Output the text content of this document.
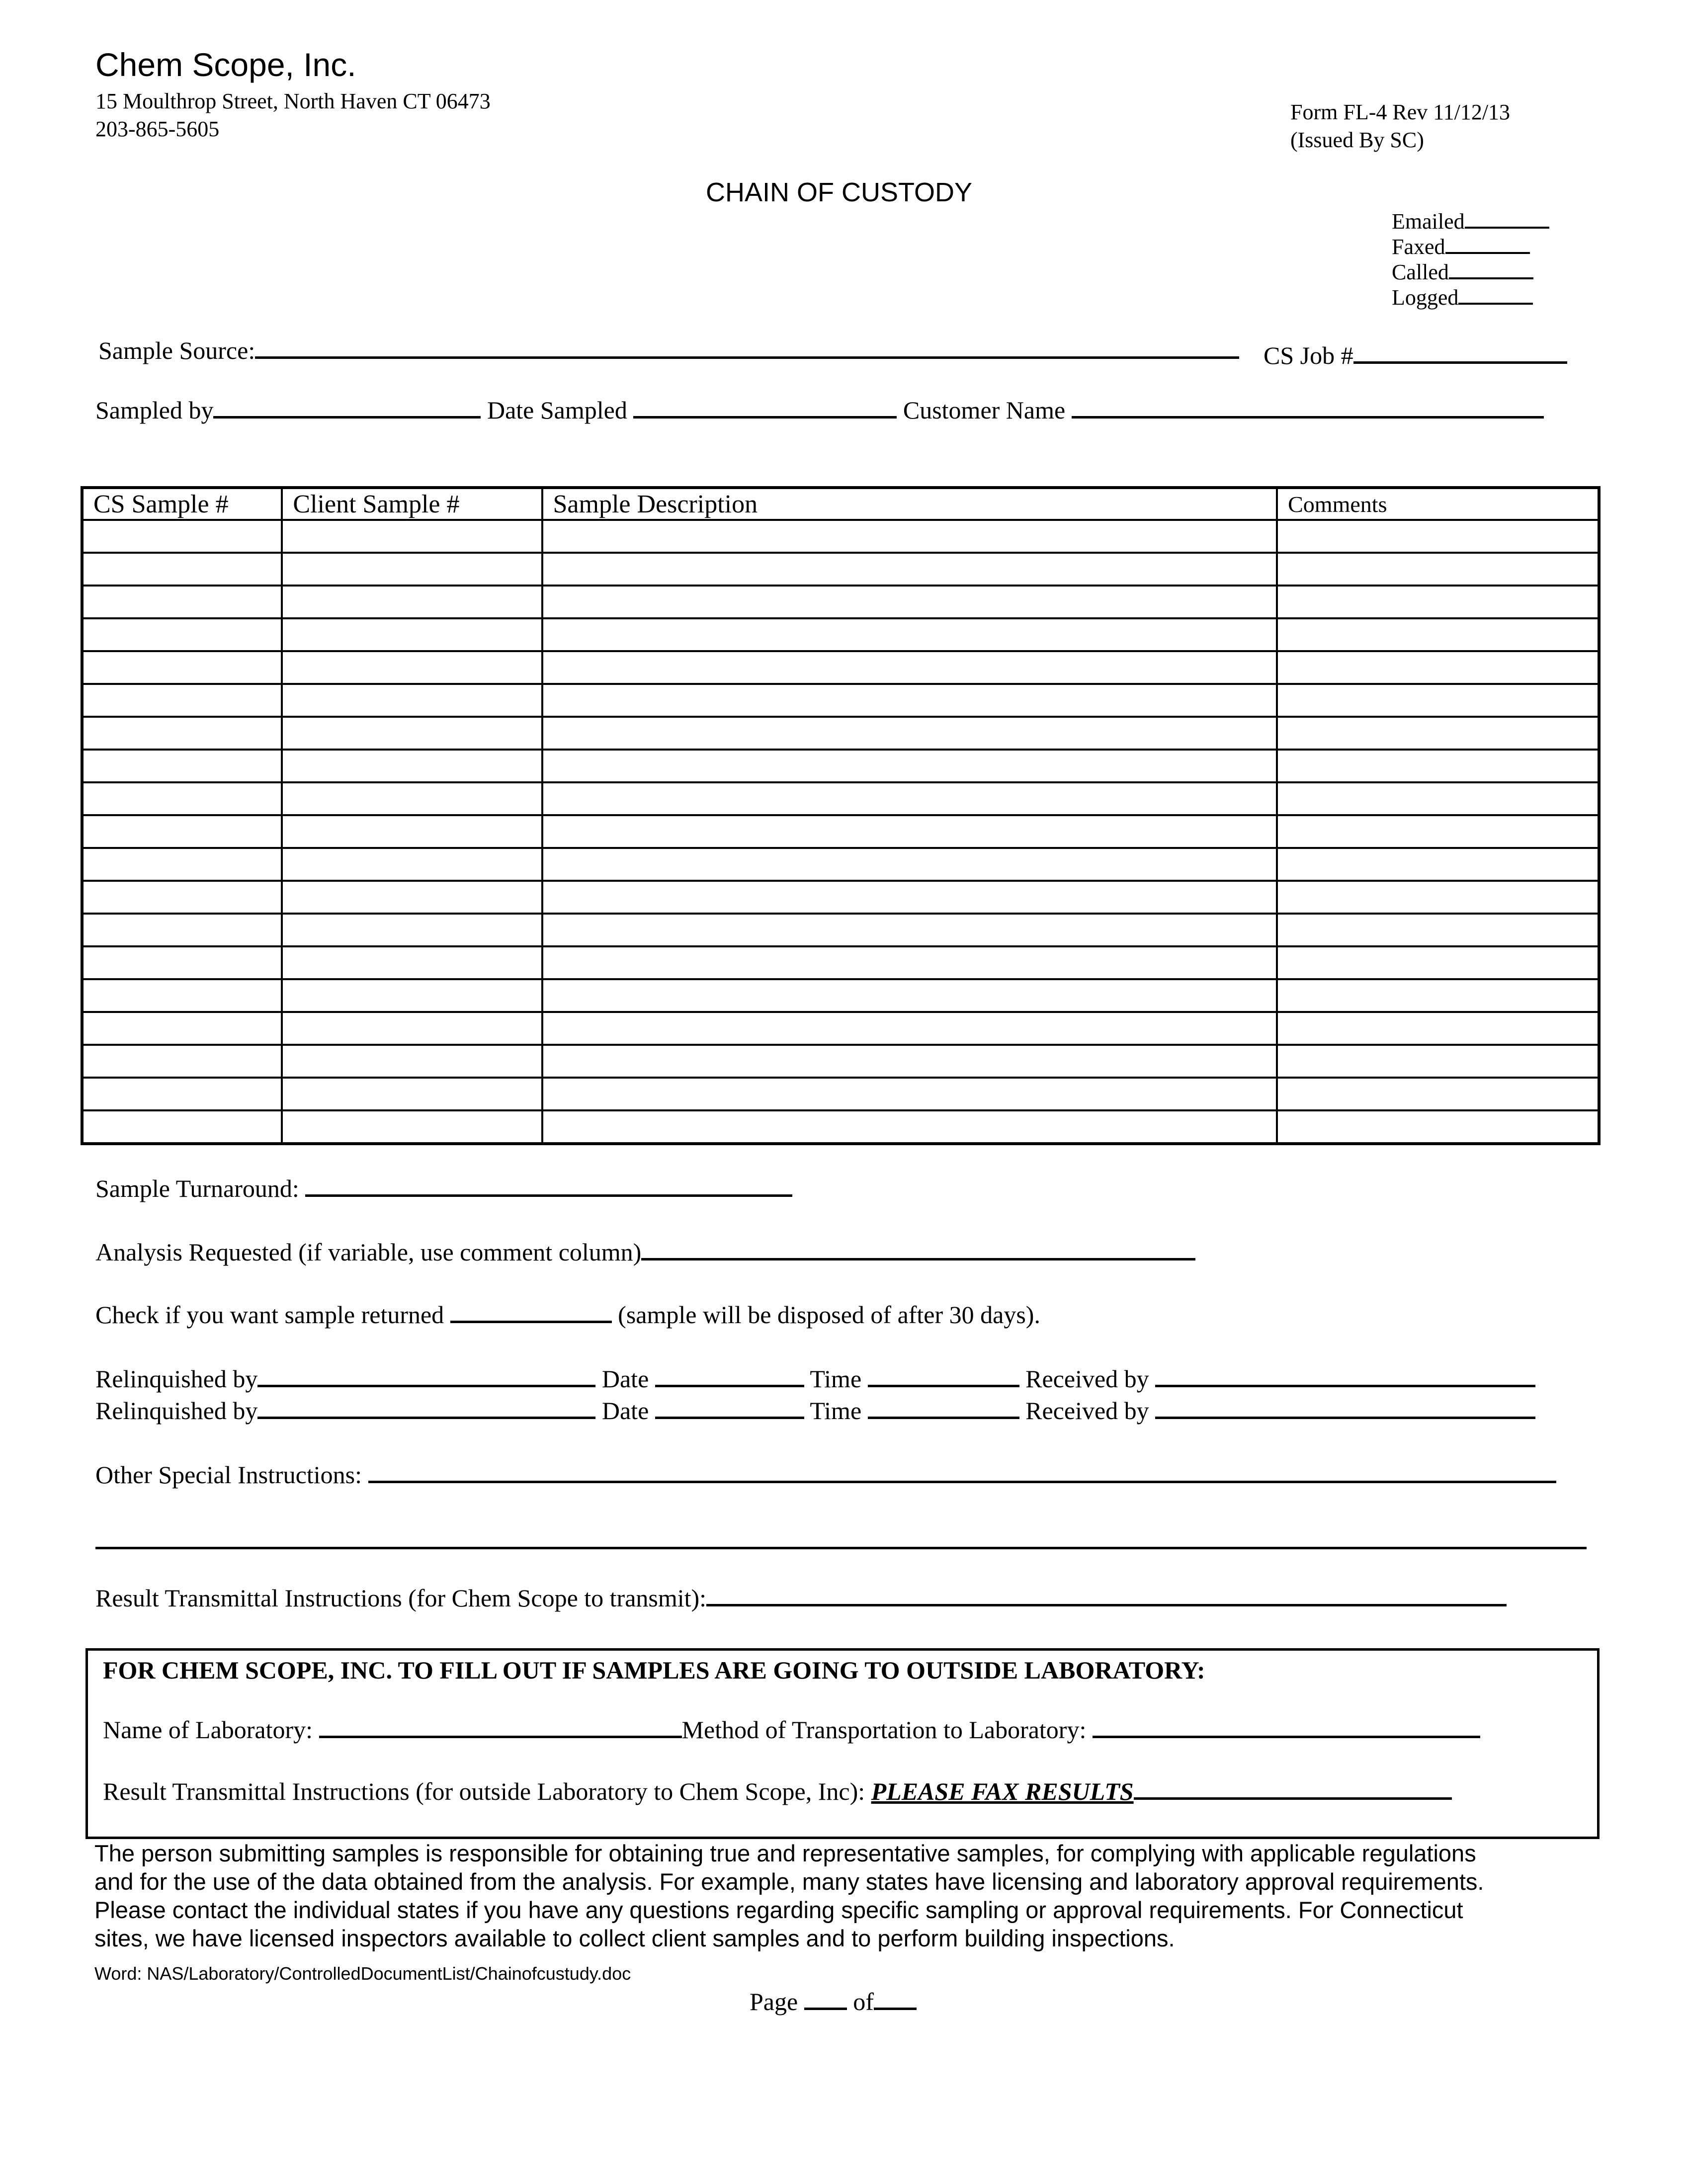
Chem Scope, Inc.
15 Moulthrop Street, North Haven CT 06473
203-865-5605
Form FL-4 Rev 11/12/13
(Issued By SC)
CHAIN OF CUSTODY
Emailed
Faxed
Called
Logged
Sample Source:	CS Job #
Sampled by	Date Sampled	Customer Name
CS Sample #	Client Sample #	Sample Description	Comments

Sample Turnaround:
Analysis Requested (if variable, use comment column)
Check if you want sample returned	(sample will be disposed of after 30 days).
Relinquished by	Date	Time	Received by
Relinquished by	Date	Time	Received by
Other Special Instructions:
Result Transmittal Instructions (for Chem Scope to transmit):
FOR CHEM SCOPE, INC. TO FILL OUT IF SAMPLES ARE GOING TO OUTSIDE LABORATORY:
Name of Laboratory:	Method of Transportation to Laboratory:
Result Transmittal Instructions (for outside Laboratory to Chem Scope, Inc): PLEASE FAX RESULTS
The person submitting samples is responsible for obtaining true and representative samples, for complying with applicable regulations
and for the use of the data obtained from the analysis. For example, many states have licensing and laboratory approval requirements.
Please contact the individual states if you have any questions regarding specific sampling or approval requirements. For Connecticut
sites, we have licensed inspectors available to collect client samples and to perform building inspections.
Word: NAS/Laboratory/ControlledDocumentList/Chainofcustudy.doc
Page of
